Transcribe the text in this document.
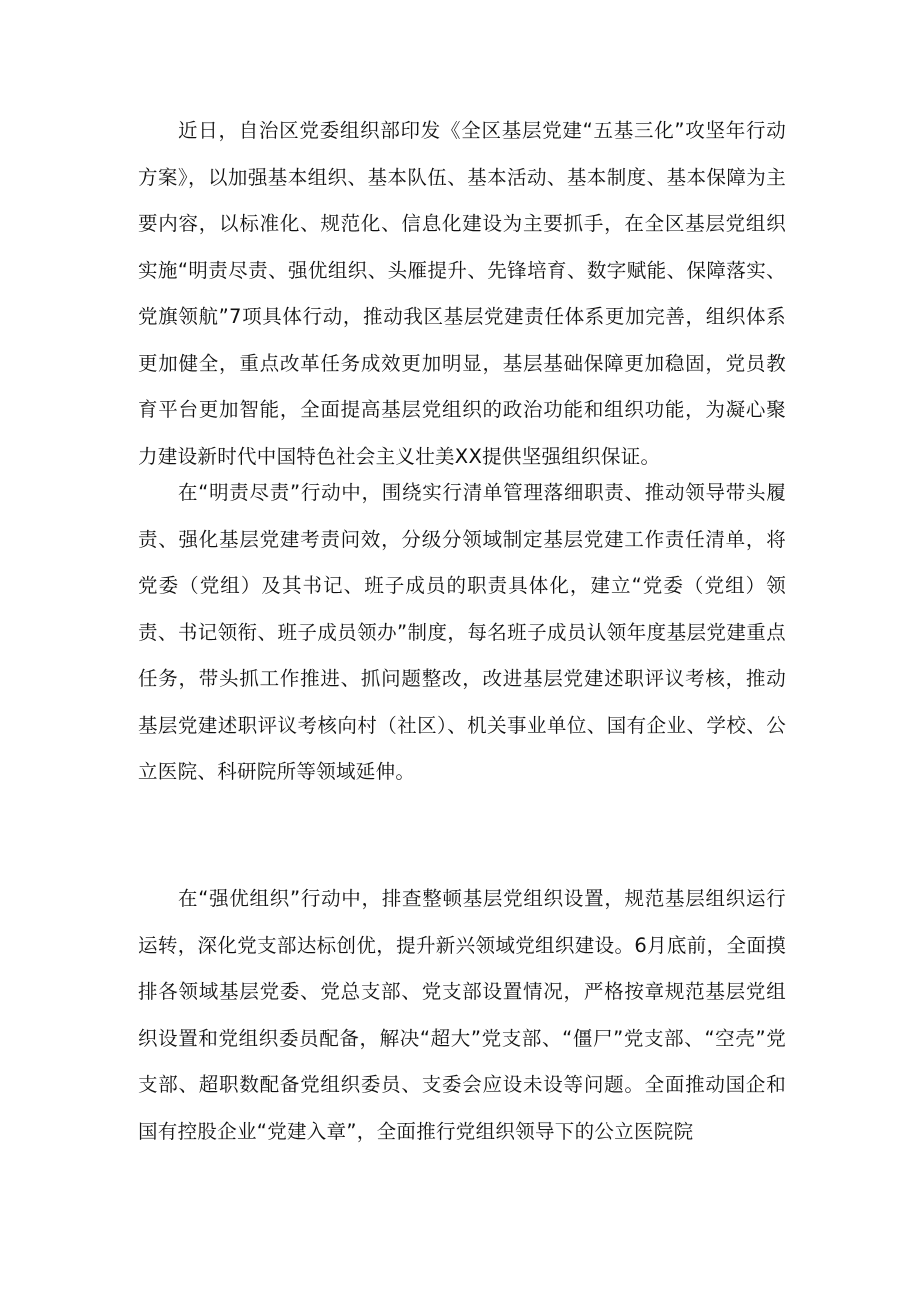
近日，自治区党委组织部印发《全区基层党建“五基三化”攻坚年行动方案》，以加强基本组织、基本队伍、基本活动、基本制度、基本保障为主要内容，以标准化、规范化、信息化建设为主要抓手，在全区基层党组织实施“明责尽责、强优组织、头雁提升、先锋培育、数字赋能、保障落实、党旗领航”7项具体行动，推动我区基层党建责任体系更加完善，组织体系更加健全，重点改革任务成效更加明显，基层基础保障更加稳固，党员教育平台更加智能，全面提高基层党组织的政治功能和组织功能，为凝心聚力建设新时代中国特色社会主义壮美XX提供坚强组织保证。

在“明责尽责”行动中，围绕实行清单管理落细职责、推动领导带头履责、强化基层党建考责问效，分级分领域制定基层党建工作责任清单，将党委（党组）及其书记、班子成员的职责具体化，建立“党委（党组）领责、书记领衔、班子成员领办”制度，每名班子成员认领年度基层党建重点任务，带头抓工作推进、抓问题整改，改进基层党建述职评议考核，推动基层党建述职评议考核向村（社区）、机关事业单位、国有企业、学校、公立医院、科研院所等领域延伸。

在“强优组织”行动中，排查整顿基层党组织设置，规范基层组织运行运转，深化党支部达标创优，提升新兴领域党组织建设。6月底前，全面摸排各领域基层党委、党总支部、党支部设置情况，严格按章规范基层党组织设置和党组织委员配备，解决“超大”党支部、“僵尸”党支部、“空壳”党支部、超职数配备党组织委员、支委会应设未设等问题。全面推动国企和国有控股企业“党建入章”，全面推行党组织领导下的公立医院院
